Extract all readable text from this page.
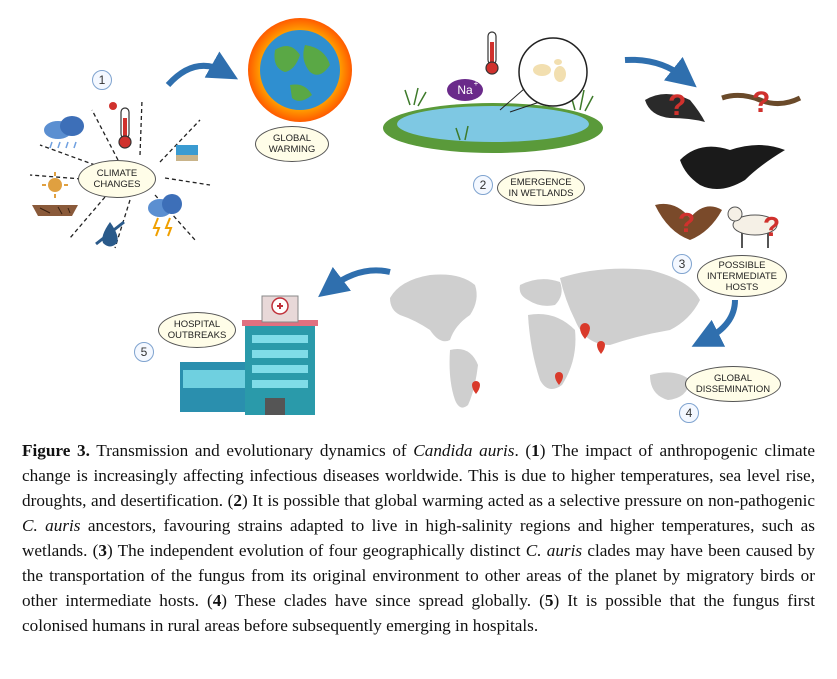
Na +
? ?
? ?
CLIMATE
CHANGES
GLOBAL
WARMING
EMERGENCE
IN WETLANDS
POSSIBLE
INTERMEDIATE
HOSTS
GLOBAL
DISSEMINATION
HOSPITAL
OUTBREAKS
1
2
3
4
5
Figure 3. Transmission and evolutionary dynamics of Candida auris. (1) The impact of anthropogenic climate change is increasingly affecting infectious diseases worldwide. This is due to higher temperatures, sea level rise, droughts, and desertification. (2) It is possible that global warming acted as a selective pressure on non-pathogenic C. auris ancestors, favouring strains adapted to live in high-salinity regions and higher temperatures, such as wetlands. (3) The independent evolution of four geographically distinct C. auris clades may have been caused by the transportation of the fungus from its original environment to other areas of the planet by migratory birds or other intermediate hosts. (4) These clades have since spread globally. (5) It is possible that the fungus first colonised humans in rural areas before subsequently emerging in hospitals.
